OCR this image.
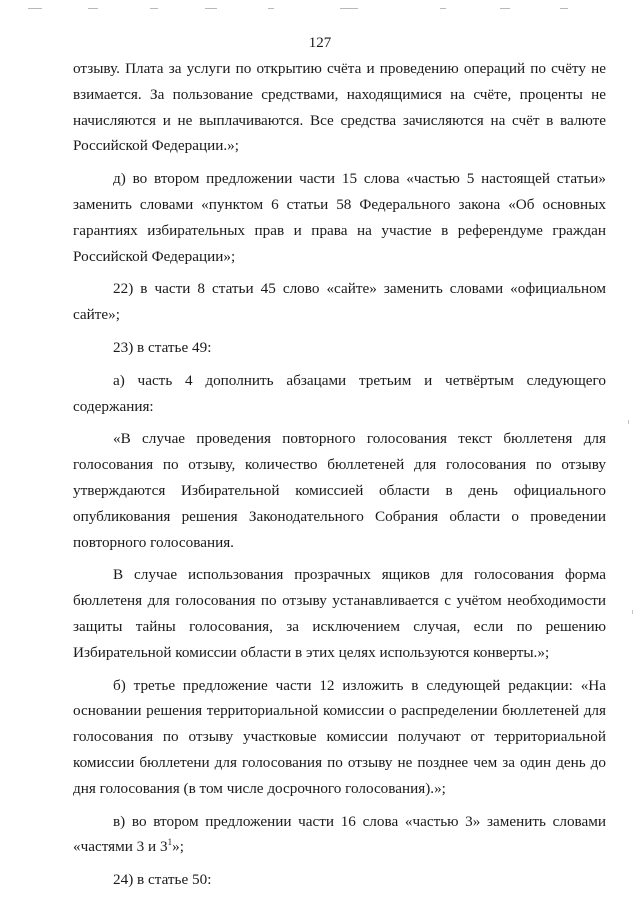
127

отзыву. Плата за услуги по открытию счёта и проведению операций по счёту не взимается. За пользование средствами, находящимися на счёте, проценты не начисляются и не выплачиваются. Все средства зачисляются на счёт в валюте Российской Федерации.»;

д) во втором предложении части 15 слова «частью 5 настоящей статьи» заменить словами «пунктом 6 статьи 58 Федерального закона «Об основных гарантиях избирательных прав и права на участие в референдуме граждан Российской Федерации»;

22) в части 8 статьи 45 слово «сайте» заменить словами «официальном сайте»;

23) в статье 49:

а) часть 4 дополнить абзацами третьим и четвёртым следующего содержания:

«В случае проведения повторного голосования текст бюллетеня для голосования по отзыву, количество бюллетеней для голосования по отзыву утверждаются Избирательной комиссией области в день официального опубликования решения Законодательного Собрания области о проведении повторного голосования.

В случае использования прозрачных ящиков для голосования форма бюллетеня для голосования по отзыву устанавливается с учётом необходимости защиты тайны голосования, за исключением случая, если по решению Избирательной комиссии области в этих целях используются конверты.»;

б) третье предложение части 12 изложить в следующей редакции: «На основании решения территориальной комиссии о распределении бюллетеней для голосования по отзыву участковые комиссии получают от территориальной комиссии бюллетени для голосования по отзыву не позднее чем за один день до дня голосования (в том числе досрочного голосования).»;

в) во втором предложении части 16 слова «частью 3» заменить словами «частями 3 и $3^1$»;

24) в статье 50:
